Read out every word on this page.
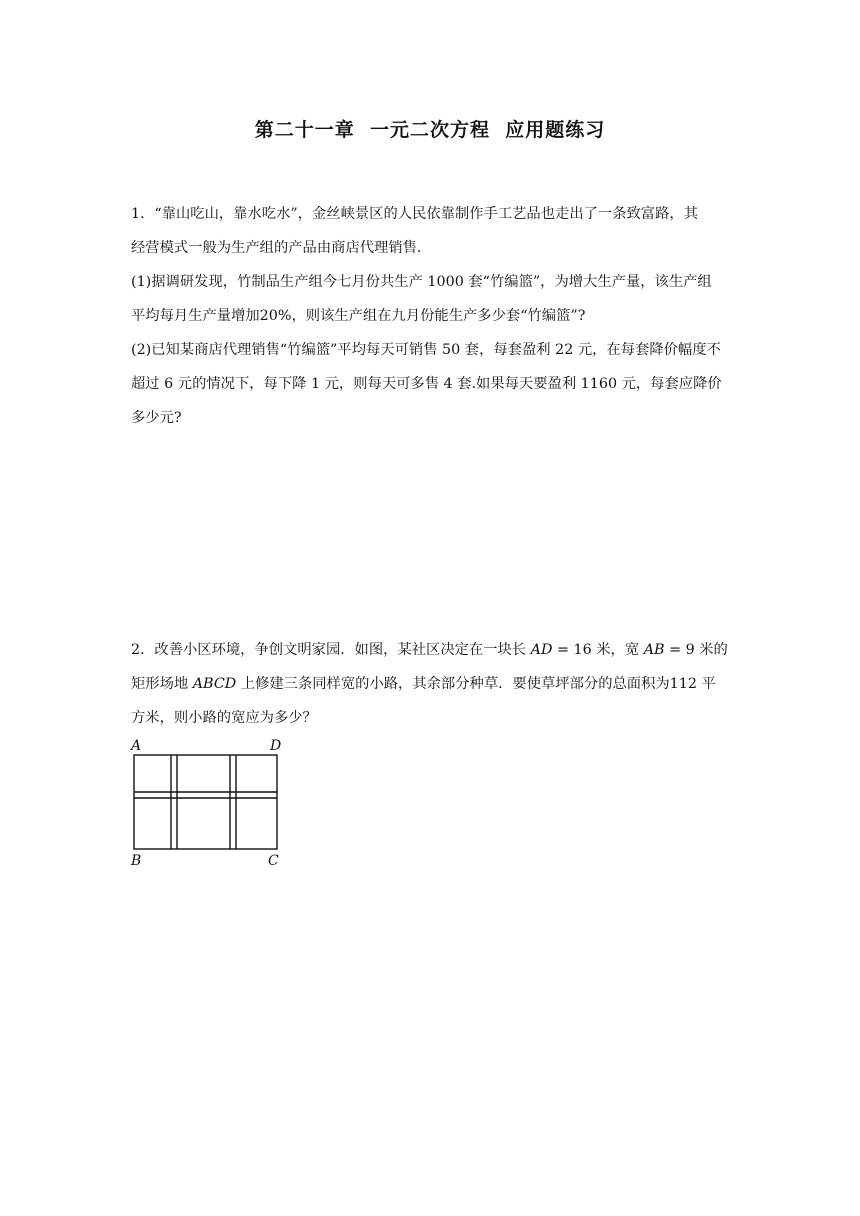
第二十一章  一元二次方程  应用题练习
1．“靠山吃山，靠水吃水”，金丝峡景区的人民依靠制作手工艺品也走出了一条致富路，其
经营模式一般为生产组的产品由商店代理销售.
(1)据调研发现，竹制品生产组今七月份共生产 1000 套“竹编篮”，为增大生产量，该生产组
平均每月生产量增加20%，则该生产组在九月份能生产多少套“竹编篮”?
(2)已知某商店代理销售“竹编篮”平均每天可销售 50 套，每套盈利 22 元，在每套降价幅度不
超过 6 元的情况下，每下降 1 元，则每天可多售 4 套.如果每天要盈利 1160 元，每套应降价
多少元?
2．改善小区环境，争创文明家园．如图，某社区决定在一块长 AD = 16 米，宽 AB = 9 米的
矩形场地 ABCD 上修建三条同样宽的小路，其余部分种草．要使草坪部分的总面积为112 平
方米，则小路的宽应为多少？
A	D
B	C
